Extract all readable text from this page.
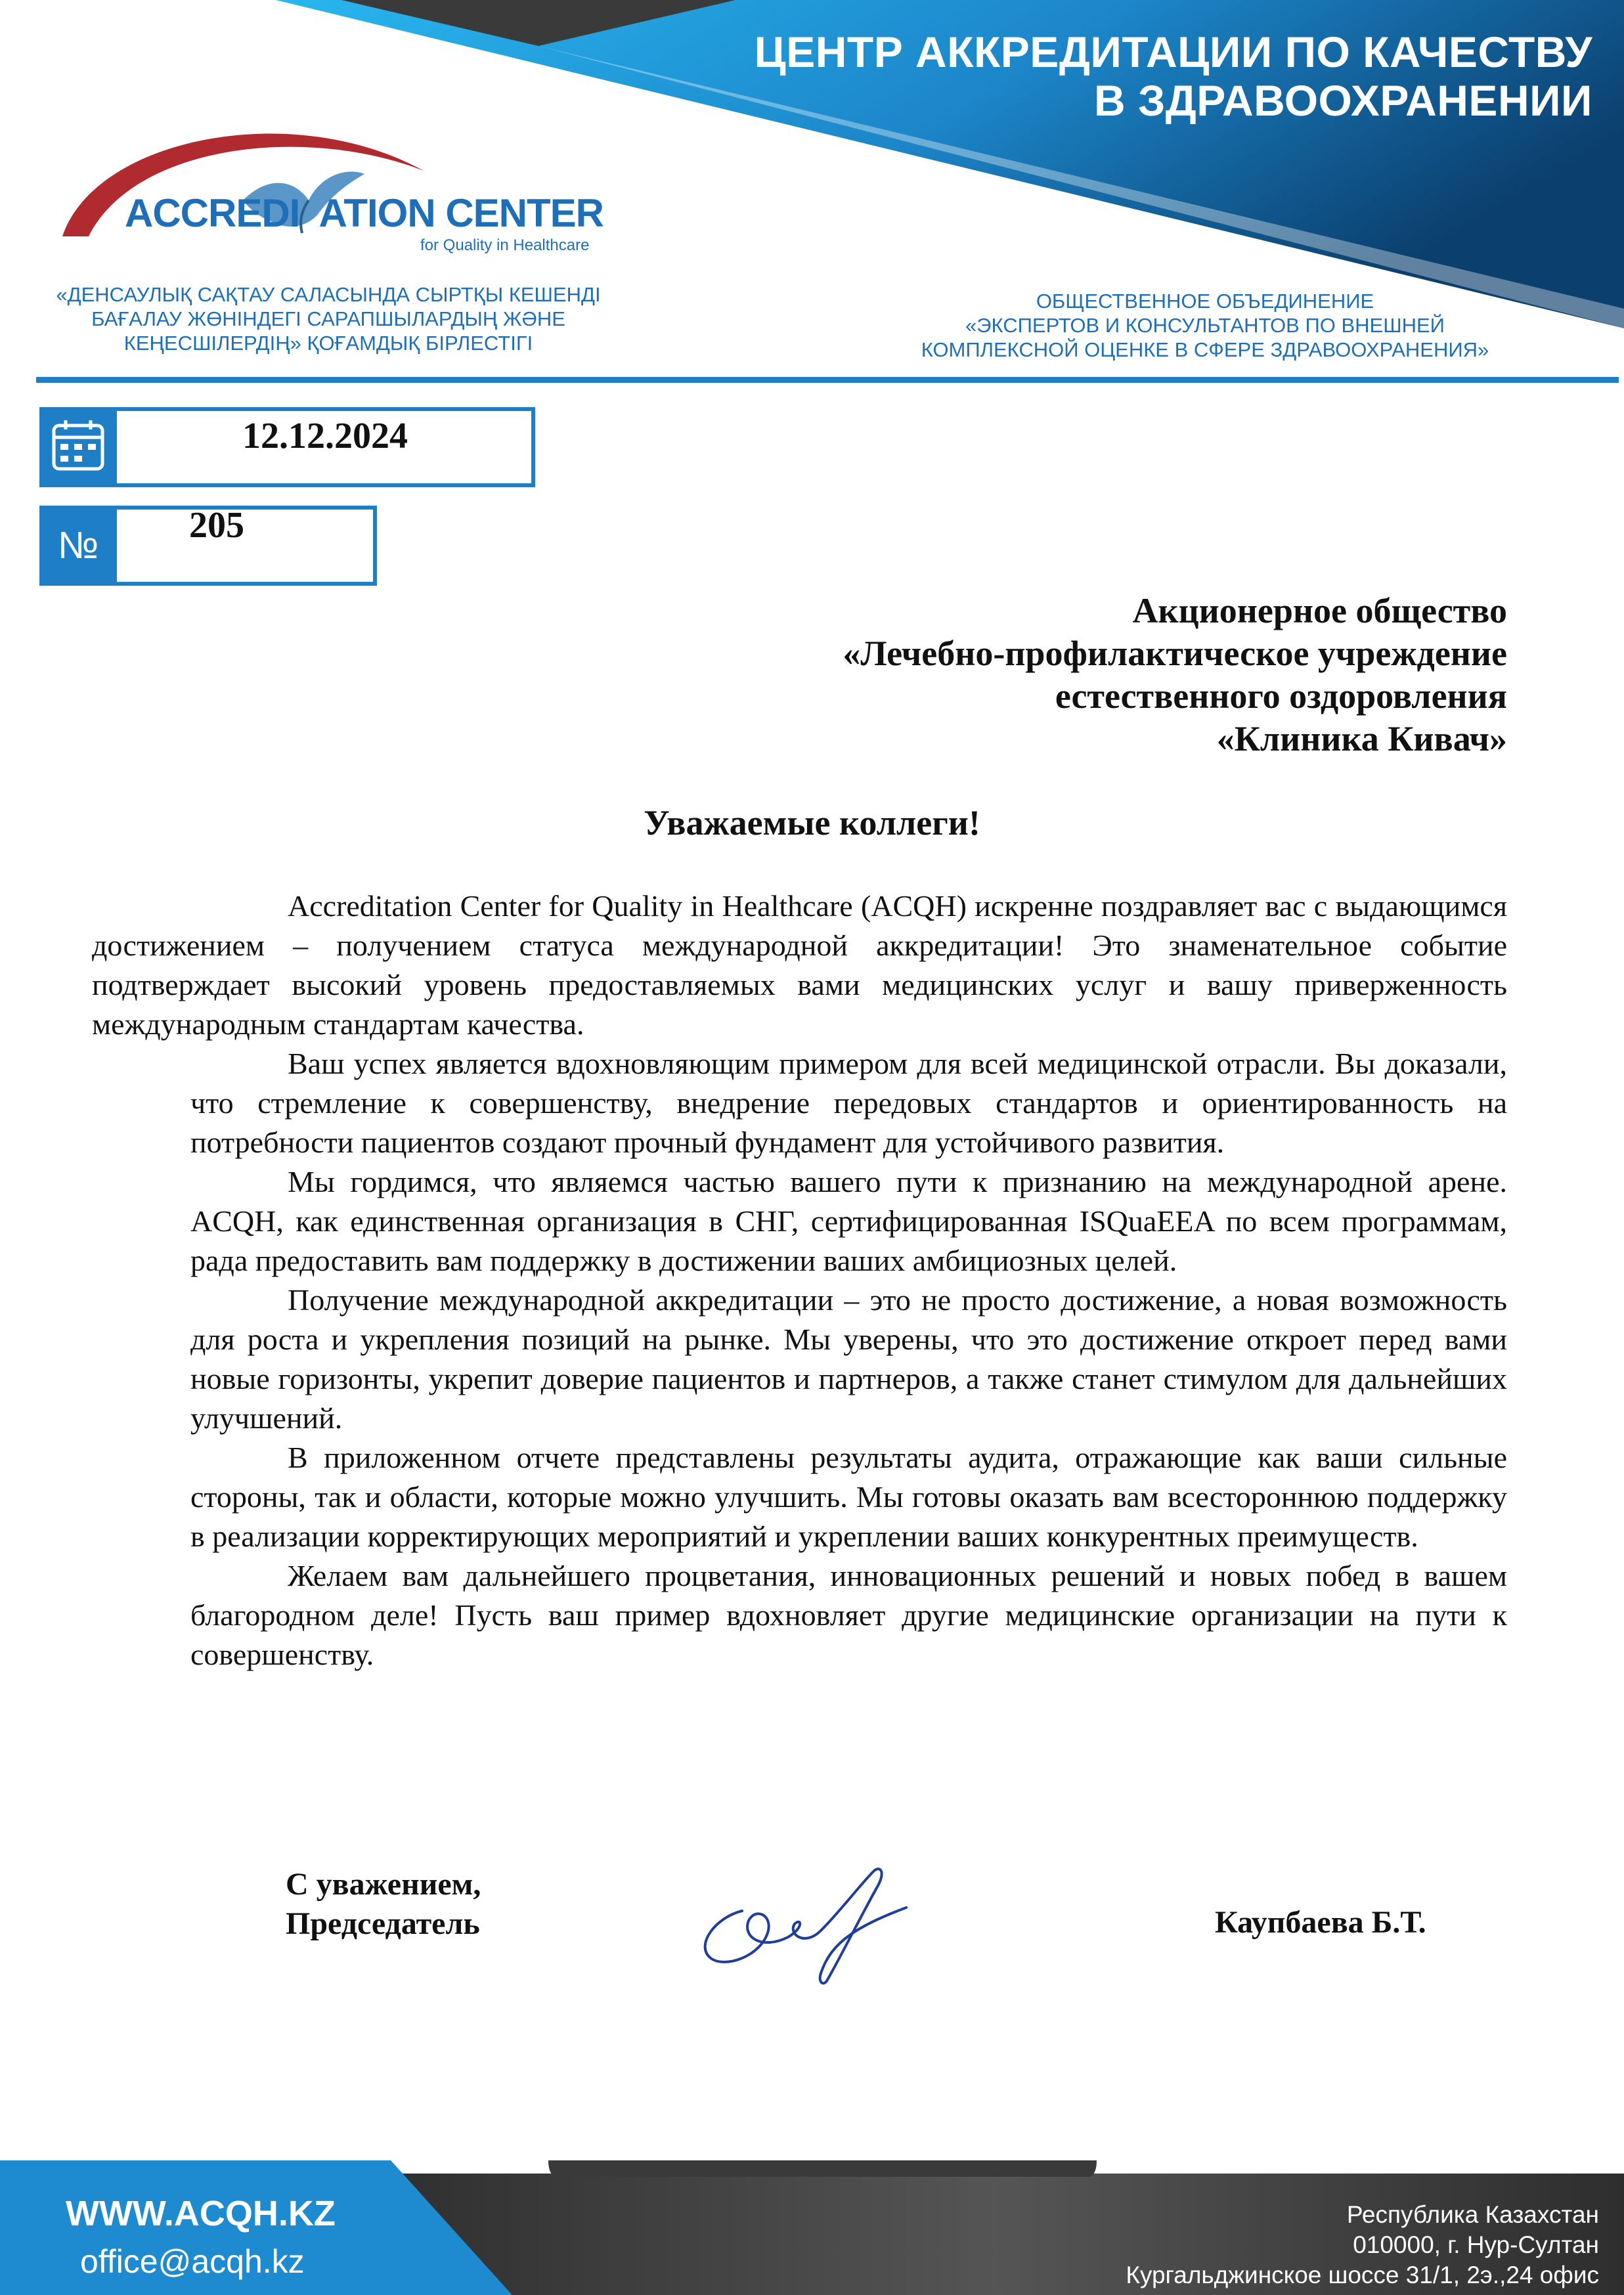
ЦЕНТР АККРЕДИТАЦИИ ПО КАЧЕСТВУ
В ЗДРАВООХРАНЕНИИ
ACCREDI  ATION CENTER
for Quality in Healthcare
«ДЕНСАУЛЫҚ САҚТАУ САЛАСЫНДА СЫРТҚЫ КЕШЕНДІ
БАҒАЛАУ ЖӨНІНДЕГІ САРАПШЫЛАРДЫҢ ЖӘНЕ
КЕҢЕСШІЛЕРДІҢ» ҚОҒАМДЫҚ БІРЛЕСТІГІ
ОБЩЕСТВЕННОЕ ОБЪЕДИНЕНИЕ
«ЭКСПЕРТОВ И КОНСУЛЬТАНТОВ ПО ВНЕШНЕЙ
КОМПЛЕКСНОЙ ОЦЕНКЕ В СФЕРЕ ЗДРАВООХРАНЕНИЯ»
12.12.2024
№	205
Акционерное общество
«Лечебно-профилактическое учреждение
естественного оздоровления
«Клиника Кивач»
Уважаемые коллеги!

Accreditation Center for Quality in Healthcare (ACQH) искренне поздравляет вас с выдающимся достижением – получением статуса международной аккредитации! Это знаменательное событие подтверждает высокий уровень предоставляемых вами медицинских услуг и вашу приверженность международным стандартам качества.

Ваш успех является вдохновляющим примером для всей медицинской отрасли. Вы доказали, что стремление к совершенству, внедрение передовых стандартов и ориентированность на потребности пациентов создают прочный фундамент для устойчивого развития.

Мы гордимся, что являемся частью вашего пути к признанию на международной арене. ACQH, как единственная организация в СНГ, сертифицированная ISQuaEEA по всем программам, рада предоставить вам поддержку в достижении ваших амбициозных целей.

Получение международной аккредитации – это не просто достижение, а новая возможность для роста и укрепления позиций на рынке. Мы уверены, что это достижение откроет перед вами новые горизонты, укрепит доверие пациентов и партнеров, а также станет стимулом для дальнейших улучшений.

В приложенном отчете представлены результаты аудита, отражающие как ваши сильные стороны, так и области, которые можно улучшить. Мы готовы оказать вам всестороннюю поддержку в реализации корректирующих мероприятий и укреплении ваших конкурентных преимуществ.

Желаем вам дальнейшего процветания, инновационных решений и новых побед в вашем благородном деле! Пусть ваш пример вдохновляет другие медицинские организации на пути к совершенству.

С уважением,
Председатель	Каупбаева Б.Т.
WWW.ACQH.KZ
office@acqh.kz
Республика Казахстан
010000, г. Нур-Султан
Кургальджинское шоссе 31/1, 2э.,24 офис
